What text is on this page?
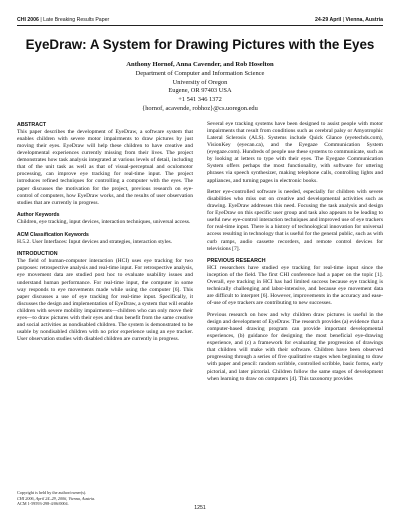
CHI 2006 | Late Breaking Results Paper	24-29 April | Vienna, Austria
EyeDraw: A System for Drawing Pictures with the Eyes
Anthony Hornof, Anna Cavender, and Rob Hoselton
Department of Computer and Information Science
University of Oregon
Eugene, OR 97403 USA
+1 541 346 1372
{hornof, acavende, robhoz}@cs.uoregon.edu
ABSTRACT

This paper describes the development of EyeDraw, a software system that enables children with severe motor impairments to draw pictures by just moving their eyes. EyeDraw will help these children to have creative and developmental experiences currently missing from their lives. The project demonstrates how task analysis integrated at various levels of detail, including that of the unit task as well as that of visual-perceptual and oculomotor processing, can improve eye tracking for real-time input. The project introduces refined techniques for controlling a computer with the eyes. The paper discusses the motivation for the project, previous research on eye-control of computers, how EyeDraw works, and the results of user observation studies that are currently in progress.

Author Keywords

Children, eye tracking, input devices, interaction techniques, universal access.

ACM Classification Keywords

H.5.2. User Interfaces: Input devices and strategies, interaction styles.

INTRODUCTION

The field of human-computer interaction (HCI) uses eye tracking for two purposes: retrospective analysis and real-time input. For retrospective analysis, eye movement data are studied post hoc to evaluate usability issues and understand human performance. For real-time input, the computer in some way responds to eye movements made while using the computer [6]. This paper discusses a use of eye tracking for real-time input. Specifically, it discusses the design and implementation of EyeDraw, a system that will enable children with severe mobility impairments—children who can only move their eyes—to draw pictures with their eyes and thus benefit from the same creative and social activities as nondisabled children. The system is demonstrated to be usable by nondisabled children with no prior experience using an eye tracker. User observation studies with disabled children are currently in progress.

Copyright is held by the author/owner(s).
CHI 2006, April 24–29, 2006, Vienna, Austria.
ACM 1-59593-298-4/06/0004.

Several eye tracking systems have been designed to assist people with motor impairments that result from conditions such as cerebral palsy or Amyotrophic Lateral Sclerosis (ALS). Systems include Quick Glance (eyetechds.com), VisionKey (eyecan.ca), and the Eyegaze Communication System (eyegaze.com). Hundreds of people use these systems to communicate, such as by looking at letters to type with their eyes. The Eyegaze Communication System offers perhaps the most functionality, with software for uttering phrases via speech synthesizer, making telephone calls, controlling lights and appliances, and turning pages in electronic books.

Better eye-controlled software is needed, especially for children with severe disabilities who miss out on creative and developmental activities such as drawing. EyeDraw addresses this need. Focusing the task analysis and design for EyeDraw on this specific user group and task also appears to be leading to useful new eye-control interaction techniques and improved use of eye trackers for real-time input. There is a history of technological innovation for universal access resulting in technology that is useful for the general public, such as with curb ramps, audio cassette recorders, and remote control devices for televisions [7].

PREVIOUS RESEARCH

HCI researchers have studied eye tracking for real-time input since the inception of the field. The first CHI conference had a paper on the topic [1]. Overall, eye tracking in HCI has had limited success because eye tracking is technically challenging and labor-intensive, and because eye movement data are difficult to interpret [6]. However, improvements in the accuracy and ease-of-use of eye trackers are contributing to new successes.

Previous research on how and why children draw pictures is useful in the design and development of EyeDraw. The research provides (a) evidence that a computer-based drawing program can provide important developmental experiences, (b) guidance for designing the most beneficial eye-drawing experience, and (c) a framework for evaluating the progression of drawings that children will make with their software. Children have been observed progressing through a series of five qualitative stages when beginning to draw with paper and pencil: random scribble, controlled scribble, basic forms, early pictorial, and later pictorial. Children follow the same stages of development when learning to draw on computers [4]. This taxonomy provides

1251
